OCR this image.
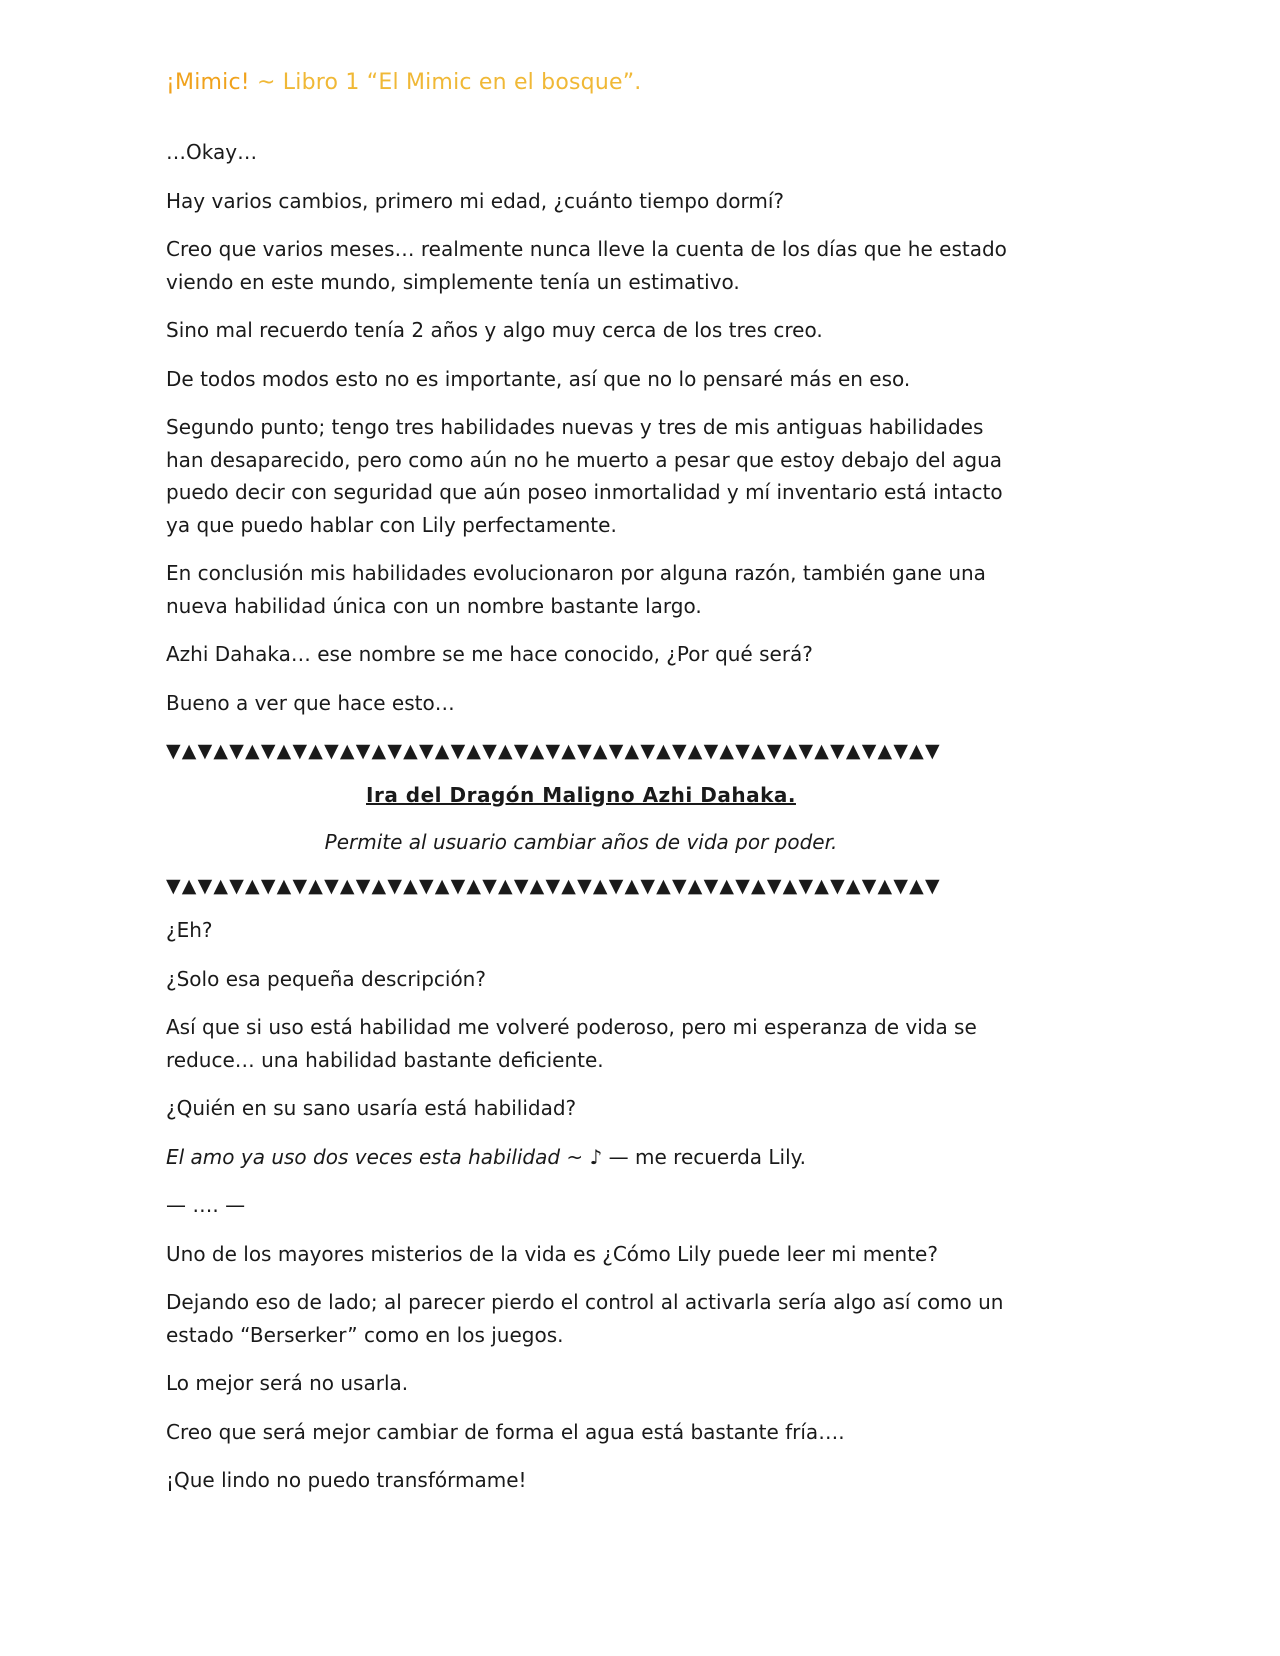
¡Mimic! ~ Libro 1 “El Mimic en el bosque”.

…Okay…

Hay varios cambios, primero mi edad, ¿cuánto tiempo dormí?

Creo que varios meses… realmente nunca lleve la cuenta de los días que he estado viendo en este mundo, simplemente tenía un estimativo.

Sino mal recuerdo tenía 2 años y algo muy cerca de los tres creo.

De todos modos esto no es importante, así que no lo pensaré más en eso.

Segundo punto; tengo tres habilidades nuevas y tres de mis antiguas habilidades han desaparecido, pero como aún no he muerto a pesar que estoy debajo del agua puedo decir con seguridad que aún poseo inmortalidad y mí inventario está intacto ya que puedo hablar con Lily perfectamente.

En conclusión mis habilidades evolucionaron por alguna razón, también gane una nueva habilidad única con un nombre bastante largo.

Azhi Dahaka… ese nombre se me hace conocido, ¿Por qué será?

Bueno a ver que hace esto…

▼▲▼▲▼▲▼▲▼▲▼▲▼▲▼▲▼▲▼▲▼▲▼▲▼▲▼▲▼▲▼▲▼▲▼▲▼▲▼▲▼▲▼▲▼▲▼▲▼
Ira del Dragón Maligno Azhi Dahaka.
Permite al usuario cambiar años de vida por poder.
▼▲▼▲▼▲▼▲▼▲▼▲▼▲▼▲▼▲▼▲▼▲▼▲▼▲▼▲▼▲▼▲▼▲▼▲▼▲▼▲▼▲▼▲▼▲▼▲▼

¿Eh?

¿Solo esa pequeña descripción?

Así que si uso está habilidad me volveré poderoso, pero mi esperanza de vida se reduce… una habilidad bastante deficiente.

¿Quién en su sano usaría está habilidad?

El amo ya uso dos veces esta habilidad ~ ♪ — me recuerda Lily.

— …. —

Uno de los mayores misterios de la vida es ¿Cómo Lily puede leer mi mente?

Dejando eso de lado; al parecer pierdo el control al activarla sería algo así como un estado “Berserker” como en los juegos.

Lo mejor será no usarla.

Creo que será mejor cambiar de forma el agua está bastante fría….

¡Que lindo no puedo transfórmame!
